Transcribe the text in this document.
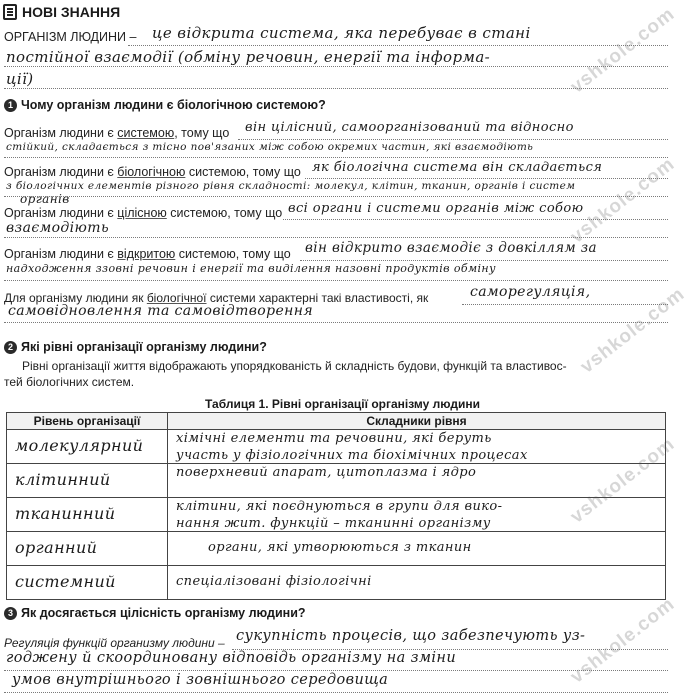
vshkole.com
vshkole.com
vshkole.com
vshkole.com
vshkole.com
НОВІ ЗНАННЯ
ОРГАНІЗМ ЛЮДИНИ – це відкрита система, яка перебуває в стані
постійної взаємодії (обміну речовин, енергії та інформа-
ції)
1 Чому організм людини є біологічною системою?
Організм людини є системою, тому що він цілісний, самоорганізований та відносно
стійкий, складається з тісно пов'язаних між собою окремих частин, які взаємодіють
Організм людини є біологічною системою, тому що як біологічна система він складається
з біологічних елементів різного рівня складності: молекул, клітин, тканин, органів і систем
органів
Організм людини є цілісною системою, тому що всі органи і системи органів між собою
взаємодіють
Організм людини є відкритою системою, тому що він відкрито взаємодіє з довкіллям за
надходження ззовні речовин і енергії та виділення назовні продуктів обміну
Для організму людини як біологічної системи характерні такі властивості, як	саморегуляція,
самовідновлення та самовідтворення
2 Які рівні організації організму людини?
Рівні організації життя відображають упорядкованість й складність будови, функцій та властивос-
тей біологічних систем.
Таблиця 1. Рівні організації організму людини
Рівень організації	Складники рівня

молекулярний	хімічні елементи та речовини, які беруть
участь у фізіологічних та біохімічних процесах

клітинний	поверхневий апарат, цитоплазма і ядро

тканинний	клітини, які поєднуються в групи для вико-
нання жит. функцій – тканинні організму

органний	органи, які утворюються з тканин

системний	спеціалізовані фізіологічні
3 Як досягається цілісність організму людини?
Регуляція функцій организму людини – сукупність процесів, що забезпечують уз-
годжену й скоординовану відповідь організму на зміни
умов внутрішнього і зовнішнього середовища
